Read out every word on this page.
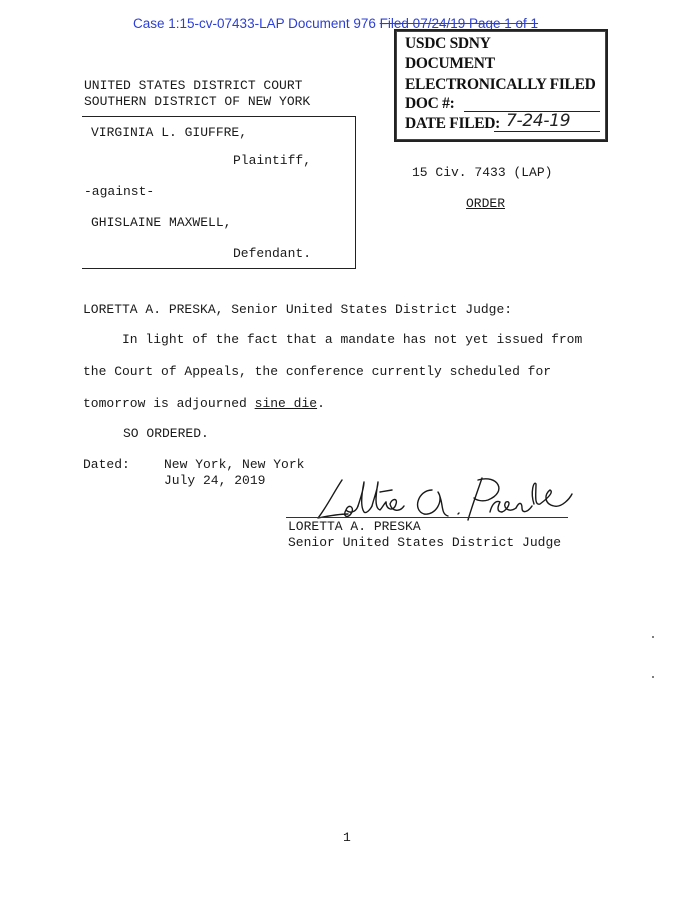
Case 1:15-cv-07433-LAP Document 976 Filed 07/24/19 Page 1 of 1
USDC SDNY
DOCUMENT
ELECTRONICALLY FILED
DOC #:
DATE FILED: 7-24-19
UNITED STATES DISTRICT COURT
SOUTHERN DISTRICT OF NEW YORK
VIRGINIA L. GIUFFRE,
Plaintiff,
-against-
GHISLAINE MAXWELL,
Defendant.
15 Civ. 7433 (LAP)
ORDER
LORETTA A. PRESKA, Senior United States District Judge:
In light of the fact that a mandate has not yet issued from
the Court of Appeals, the conference currently scheduled for
tomorrow is adjourned sine die.
SO ORDERED.
Dated:	New York, New York
July 24, 2019
LORETTA A. PRESKA
Senior United States District Judge
1
